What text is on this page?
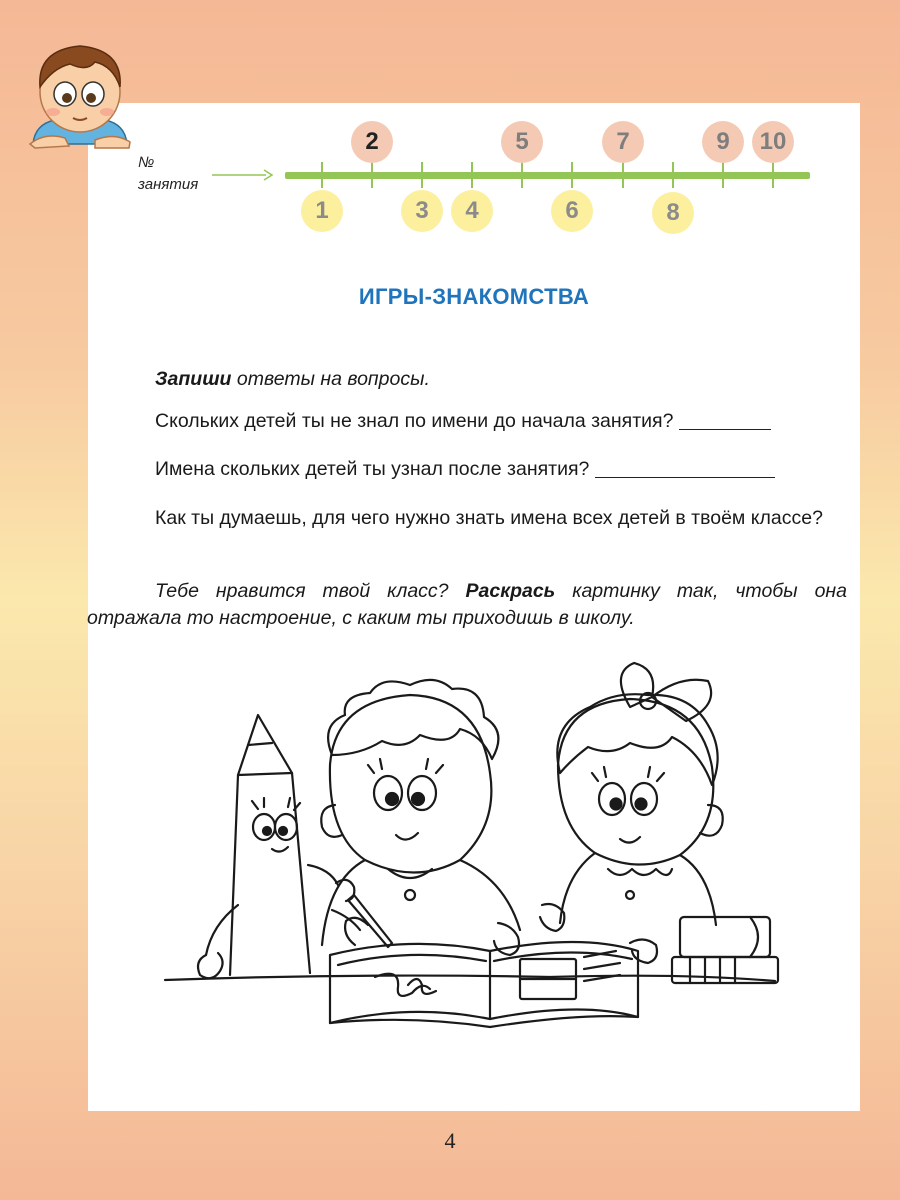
№
занятия
2	5	7	9	10
1	3	4	6	8
ИГРЫ-ЗНАКОМСТВА
Запиши ответы на вопросы.
Скольких детей ты не знал по имени до начала занятия?
Имена скольких детей ты узнал после занятия?
Как ты думаешь, для чего нужно знать имена всех детей в твоём классе?
Тебе нравится твой класс? Раскрась картинку так, чтобы она отражала то настроение, с каким ты приходишь в школу.
4
